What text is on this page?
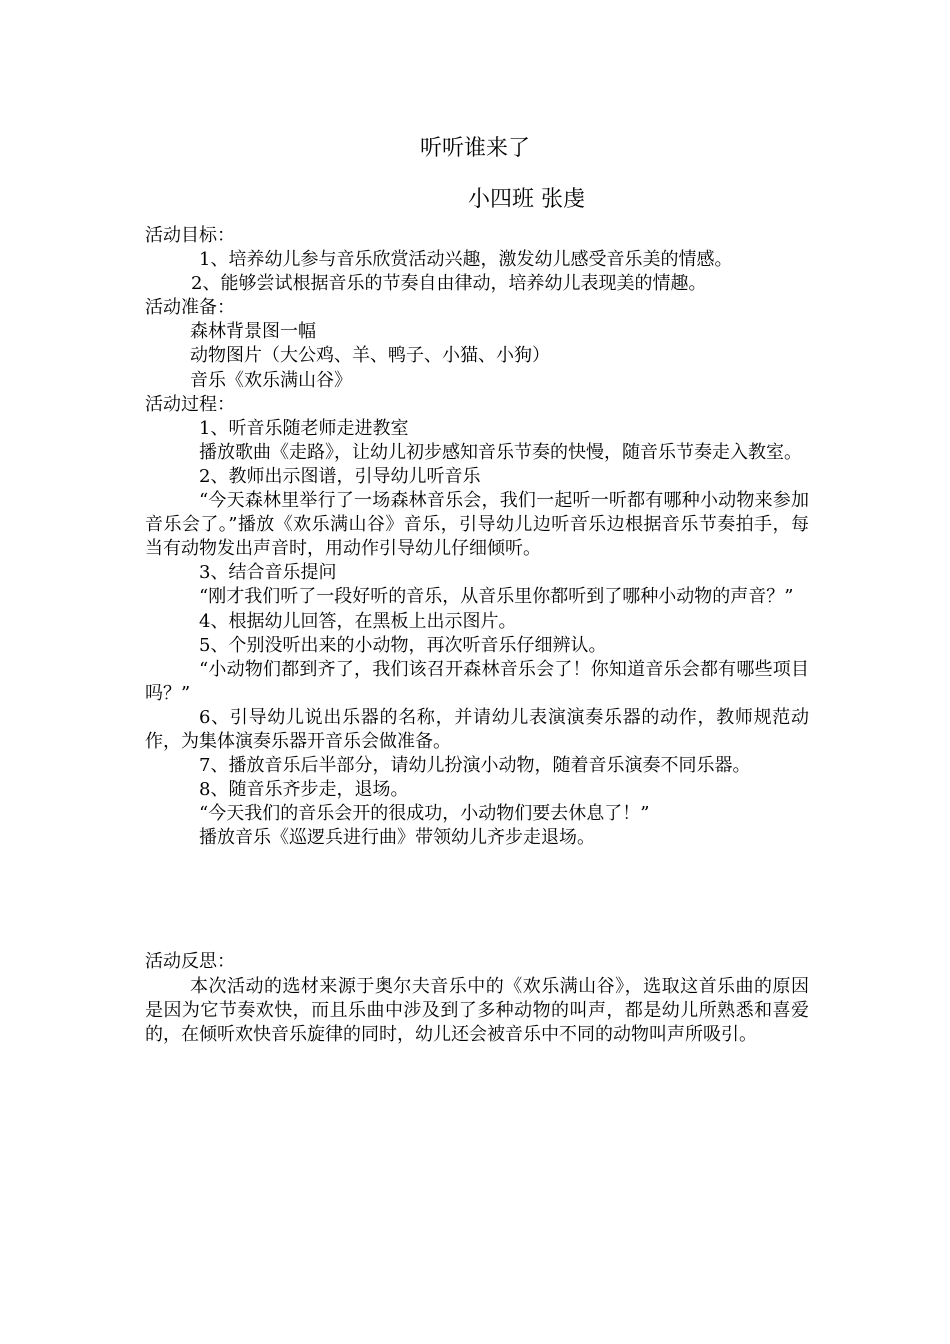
听听谁来了
小四班 张虔

活动目标：

1、培养幼儿参与音乐欣赏活动兴趣，激发幼儿感受音乐美的情感。

2、能够尝试根据音乐的节奏自由律动，培养幼儿表现美的情趣。

活动准备：

森林背景图一幅

动物图片（大公鸡、羊、鸭子、小猫、小狗）

音乐《欢乐满山谷》

活动过程：

1、听音乐随老师走进教室

播放歌曲《走路》，让幼儿初步感知音乐节奏的快慢，随音乐节奏走入教室。

2、教师出示图谱，引导幼儿听音乐

“今天森林里举行了一场森林音乐会，我们一起听一听都有哪种小动物来参加音乐会了。”播放《欢乐满山谷》音乐，引导幼儿边听音乐边根据音乐节奏拍手，每当有动物发出声音时，用动作引导幼儿仔细倾听。

3、结合音乐提问

“刚才我们听了一段好听的音乐，从音乐里你都听到了哪种小动物的声音？”

4、根据幼儿回答，在黑板上出示图片。

5、个别没听出来的小动物，再次听音乐仔细辨认。

“小动物们都到齐了，我们该召开森林音乐会了！你知道音乐会都有哪些项目吗？”

6、引导幼儿说出乐器的名称，并请幼儿表演演奏乐器的动作，教师规范动作，为集体演奏乐器开音乐会做准备。

7、播放音乐后半部分，请幼儿扮演小动物，随着音乐演奏不同乐器。

8、随音乐齐步走，退场。

“今天我们的音乐会开的很成功，小动物们要去休息了！”

播放音乐《巡逻兵进行曲》带领幼儿齐步走退场。

活动反思：

本次活动的选材来源于奥尔夫音乐中的《欢乐满山谷》，选取这首乐曲的原因是因为它节奏欢快，而且乐曲中涉及到了多种动物的叫声，都是幼儿所熟悉和喜爱的，在倾听欢快音乐旋律的同时，幼儿还会被音乐中不同的动物叫声所吸引。
